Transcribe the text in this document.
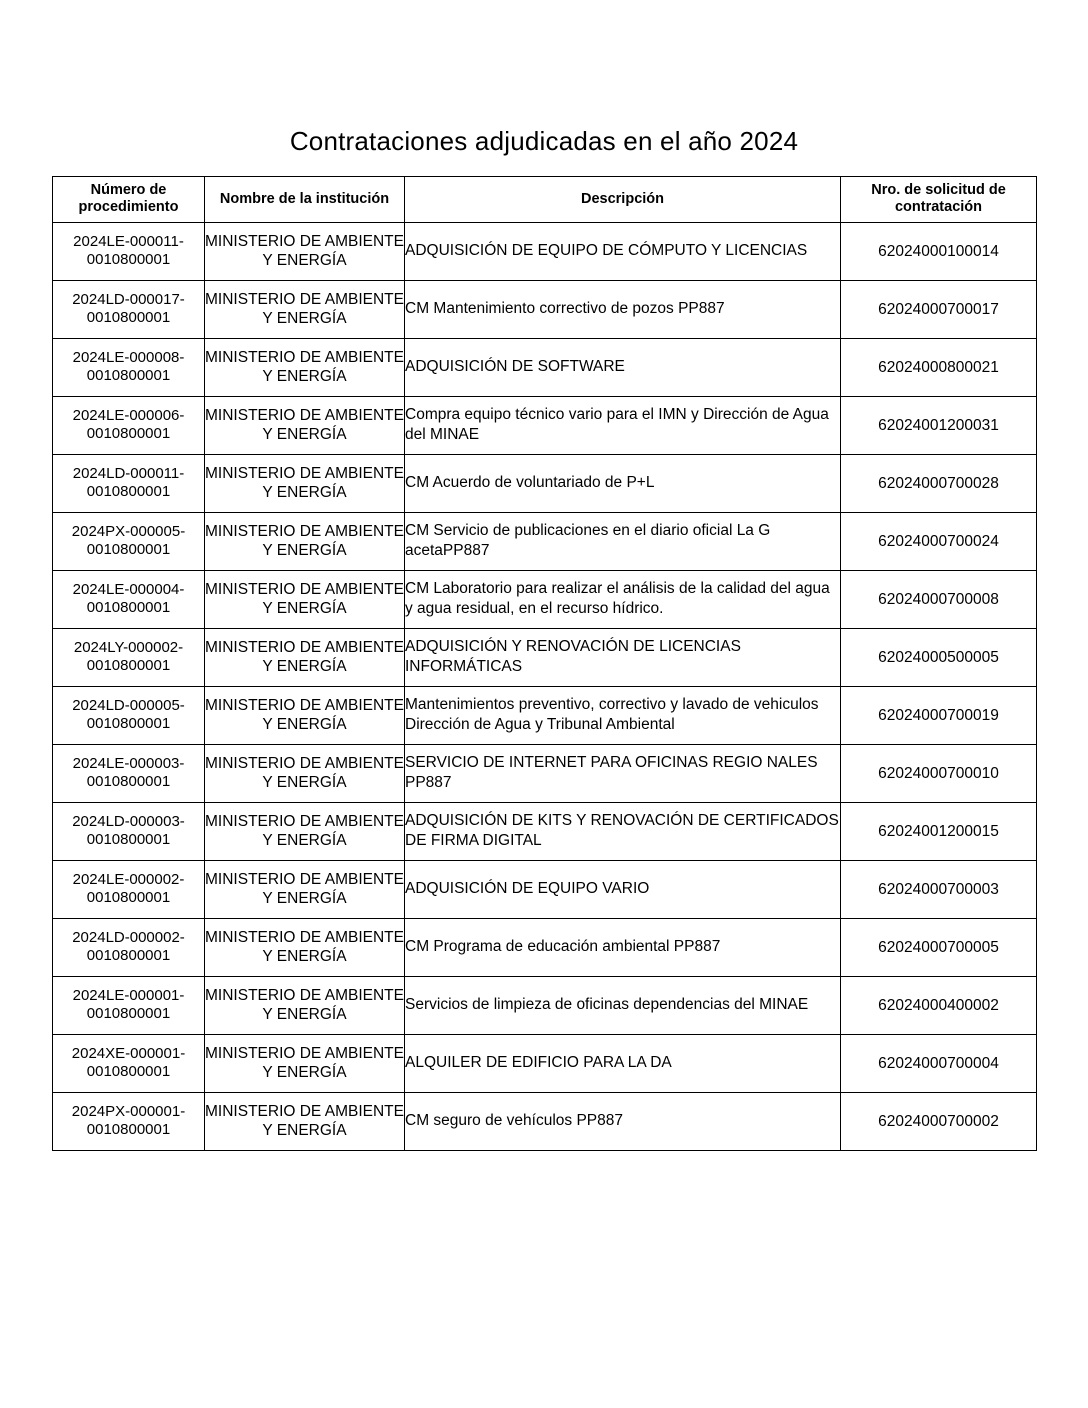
Contrataciones adjudicadas en el año 2024
Número de procedimiento	Nombre de la institución	Descripción	Nro. de solicitud de contratación
2024LE-000011-0010800001	MINISTERIO DE AMBIENTE Y ENERGÍA	ADQUISICIÓN DE EQUIPO DE CÓMPUTO Y LICENCIAS	62024000100014
2024LD-000017-0010800001	MINISTERIO DE AMBIENTE Y ENERGÍA	CM Mantenimiento correctivo de pozos PP887	62024000700017
2024LE-000008-0010800001	MINISTERIO DE AMBIENTE Y ENERGÍA	ADQUISICIÓN DE SOFTWARE	62024000800021
2024LE-000006-0010800001	MINISTERIO DE AMBIENTE Y ENERGÍA	Compra equipo técnico vario para el IMN y Dirección de Agua del MINAE	62024001200031
2024LD-000011-0010800001	MINISTERIO DE AMBIENTE Y ENERGÍA	CM Acuerdo de voluntariado de P+L	62024000700028
2024PX-000005-0010800001	MINISTERIO DE AMBIENTE Y ENERGÍA	CM Servicio de publicaciones en el diario oficial La G acetaPP887	62024000700024
2024LE-000004-0010800001	MINISTERIO DE AMBIENTE Y ENERGÍA	CM Laboratorio para realizar el análisis de la calidad del agua y agua residual, en el recurso hídrico.	62024000700008
2024LY-000002-0010800001	MINISTERIO DE AMBIENTE Y ENERGÍA	ADQUISICIÓN Y RENOVACIÓN DE LICENCIAS INFORMÁTICAS	62024000500005
2024LD-000005-0010800001	MINISTERIO DE AMBIENTE Y ENERGÍA	Mantenimientos preventivo, correctivo y lavado de vehiculos Dirección de Agua y Tribunal Ambiental	62024000700019
2024LE-000003-0010800001	MINISTERIO DE AMBIENTE Y ENERGÍA	SERVICIO DE INTERNET PARA OFICINAS REGIO NALES PP887	62024000700010
2024LD-000003-0010800001	MINISTERIO DE AMBIENTE Y ENERGÍA	ADQUISICIÓN DE KITS Y RENOVACIÓN DE CERTIFICADOS DE FIRMA DIGITAL	62024001200015
2024LE-000002-0010800001	MINISTERIO DE AMBIENTE Y ENERGÍA	ADQUISICIÓN DE EQUIPO VARIO	62024000700003
2024LD-000002-0010800001	MINISTERIO DE AMBIENTE Y ENERGÍA	CM Programa de educación ambiental PP887	62024000700005
2024LE-000001-0010800001	MINISTERIO DE AMBIENTE Y ENERGÍA	Servicios de limpieza de oficinas dependencias del MINAE	62024000400002
2024XE-000001-0010800001	MINISTERIO DE AMBIENTE Y ENERGÍA	ALQUILER DE EDIFICIO PARA LA DA	62024000700004
2024PX-000001-0010800001	MINISTERIO DE AMBIENTE Y ENERGÍA	CM seguro de vehículos PP887	62024000700002
